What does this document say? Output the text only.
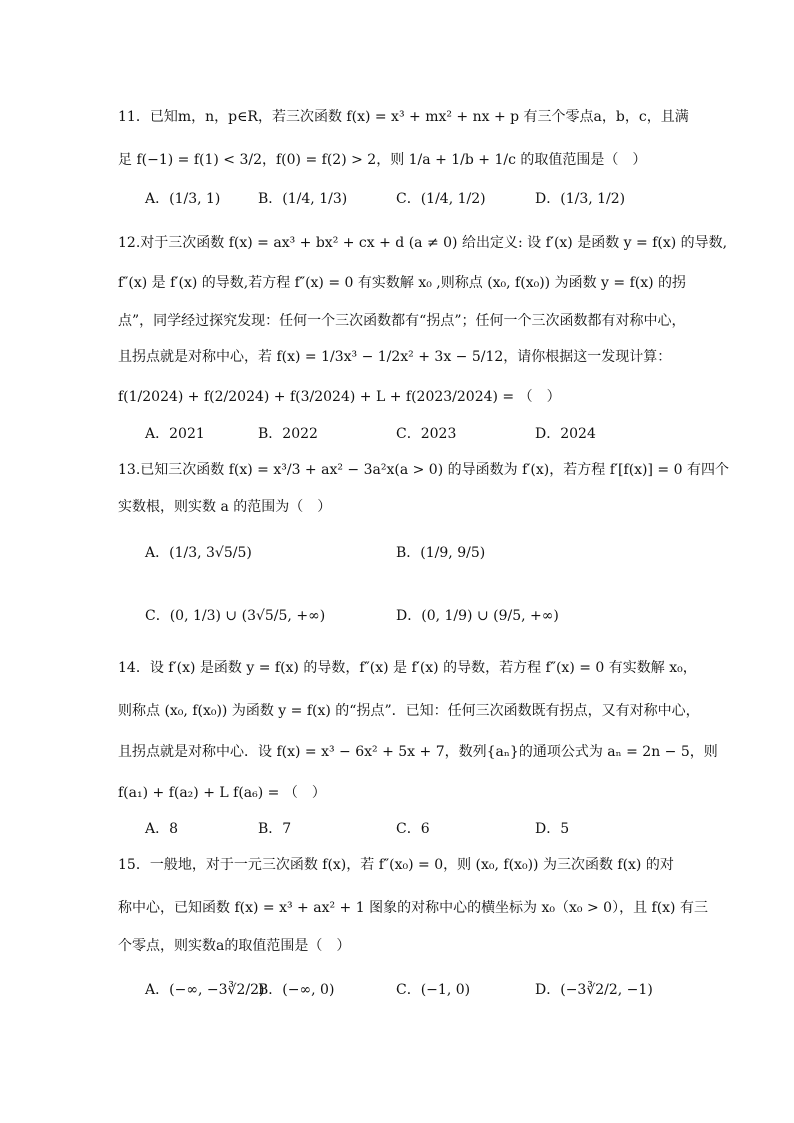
11．已知m，n，p∈R，若三次函数 f(x) = x³ + mx² + nx + p 有三个零点a，b，c，且满
足 f(−1) = f(1) < 3/2，f(0) = f(2) > 2，则 1/a + 1/b + 1/c 的取值范围是（　）
A．(1/3, 1)	B．(1/4, 1/3)	C．(1/4, 1/2)	D．(1/3, 1/2)
12.对于三次函数 f(x) = ax³ + bx² + cx + d (a ≠ 0) 给出定义: 设 f′(x) 是函数 y = f(x) 的导数,
f″(x) 是 f′(x) 的导数,若方程 f″(x) = 0 有实数解 x₀ ,则称点 (x₀, f(x₀)) 为函数 y = f(x) 的拐
点”，同学经过探究发现：任何一个三次函数都有“拐点”；任何一个三次函数都有对称中心，
且拐点就是对称中心，若 f(x) = 1/3x³ − 1/2x² + 3x − 5/12，请你根据这一发现计算：
f(1/2024) + f(2/2024) + f(3/2024) + L + f(2023/2024) = （　）
A．2021	B．2022	C．2023	D．2024
13.已知三次函数 f(x) = x³/3 + ax² − 3a²x(a > 0) 的导函数为 f′(x)，若方程 f′[f(x)] = 0 有四个
实数根，则实数 a 的范围为（　）
A．(1/3, 3√5/5)	B．(1/9, 9/5)
C．(0, 1/3) ∪ (3√5/5, +∞)	D．(0, 1/9) ∪ (9/5, +∞)
14．设 f′(x) 是函数 y = f(x) 的导数，f″(x) 是 f′(x) 的导数，若方程 f″(x) = 0 有实数解 x₀，
则称点 (x₀, f(x₀)) 为函数 y = f(x) 的“拐点”．已知：任何三次函数既有拐点，又有对称中心，
且拐点就是对称中心．设 f(x) = x³ − 6x² + 5x + 7，数列{aₙ}的通项公式为 aₙ = 2n − 5，则
f(a₁) + f(a₂) + L f(a₆) = （　）
A．8	B．7	C．6	D．5
15．一般地，对于一元三次函数 f(x)，若 f″(x₀) = 0，则 (x₀, f(x₀)) 为三次函数 f(x) 的对
称中心，已知函数 f(x) = x³ + ax² + 1 图象的对称中心的横坐标为 x₀（x₀ > 0），且 f(x) 有三
个零点，则实数a的取值范围是（　）
A．(−∞, −3∛2/2)
B．(−∞, 0)	C．(−1, 0)	D．(−3∛2/2, −1)
